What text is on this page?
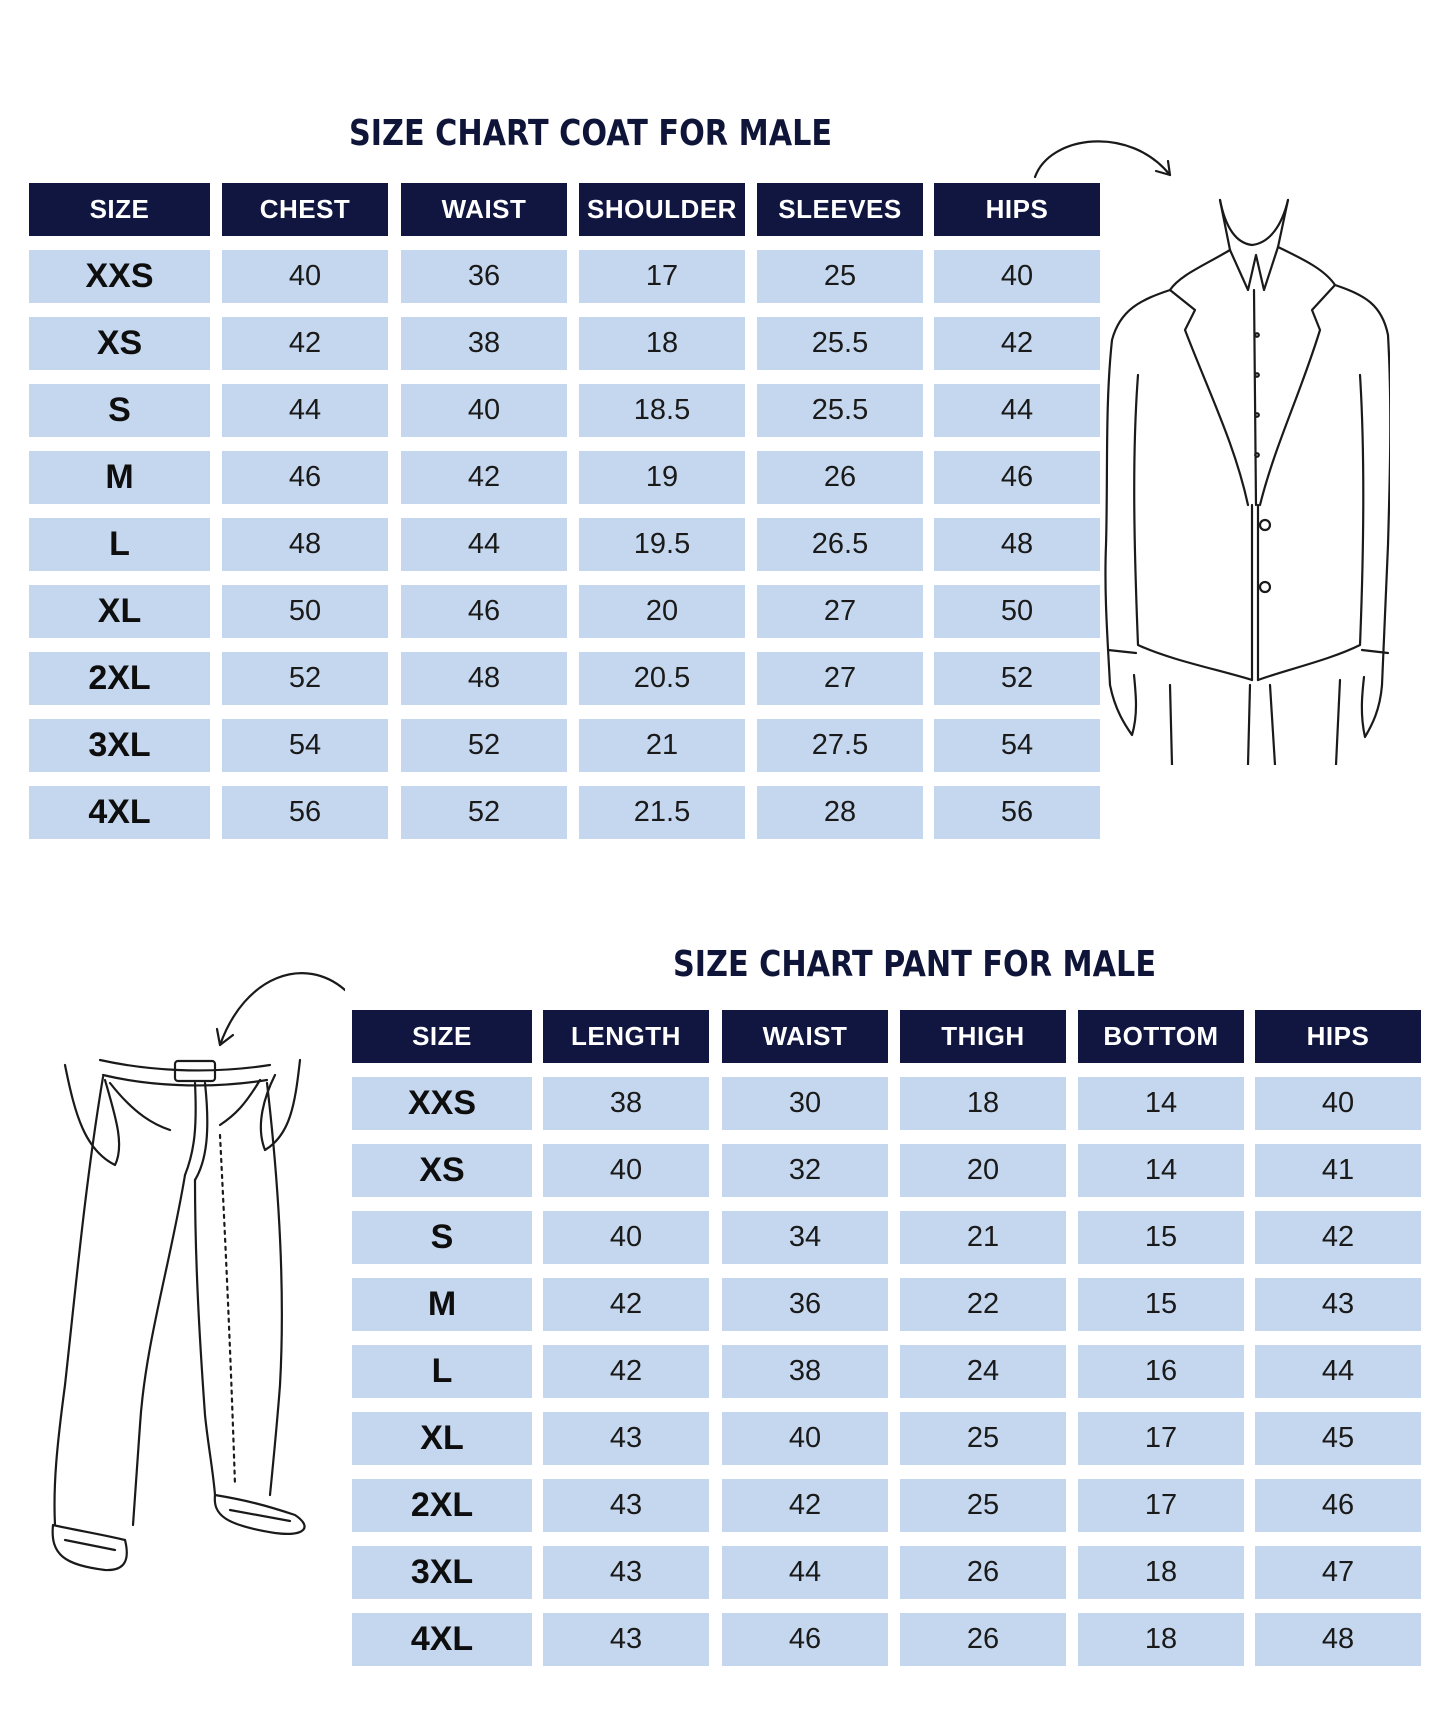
SIZE CHART COAT FOR MALE
SIZE	CHEST	WAIST	SHOULDER	SLEEVES	HIPS
XXS	40	36	17	25	40
XS	42	38	18	25.5	42
S	44	40	18.5	25.5	44
M	46	42	19	26	46
L	48	44	19.5	26.5	48
XL	50	46	20	27	50
2XL	52	48	20.5	27	52
3XL	54	52	21	27.5	54
4XL	56	52	21.5	28	56
SIZE CHART PANT FOR MALE
SIZE	LENGTH	WAIST	THIGH	BOTTOM	HIPS
XXS	38	30	18	14	40
XS	40	32	20	14	41
S	40	34	21	15	42
M	42	36	22	15	43
L	42	38	24	16	44
XL	43	40	25	17	45
2XL	43	42	25	17	46
3XL	43	44	26	18	47
4XL	43	46	26	18	48
